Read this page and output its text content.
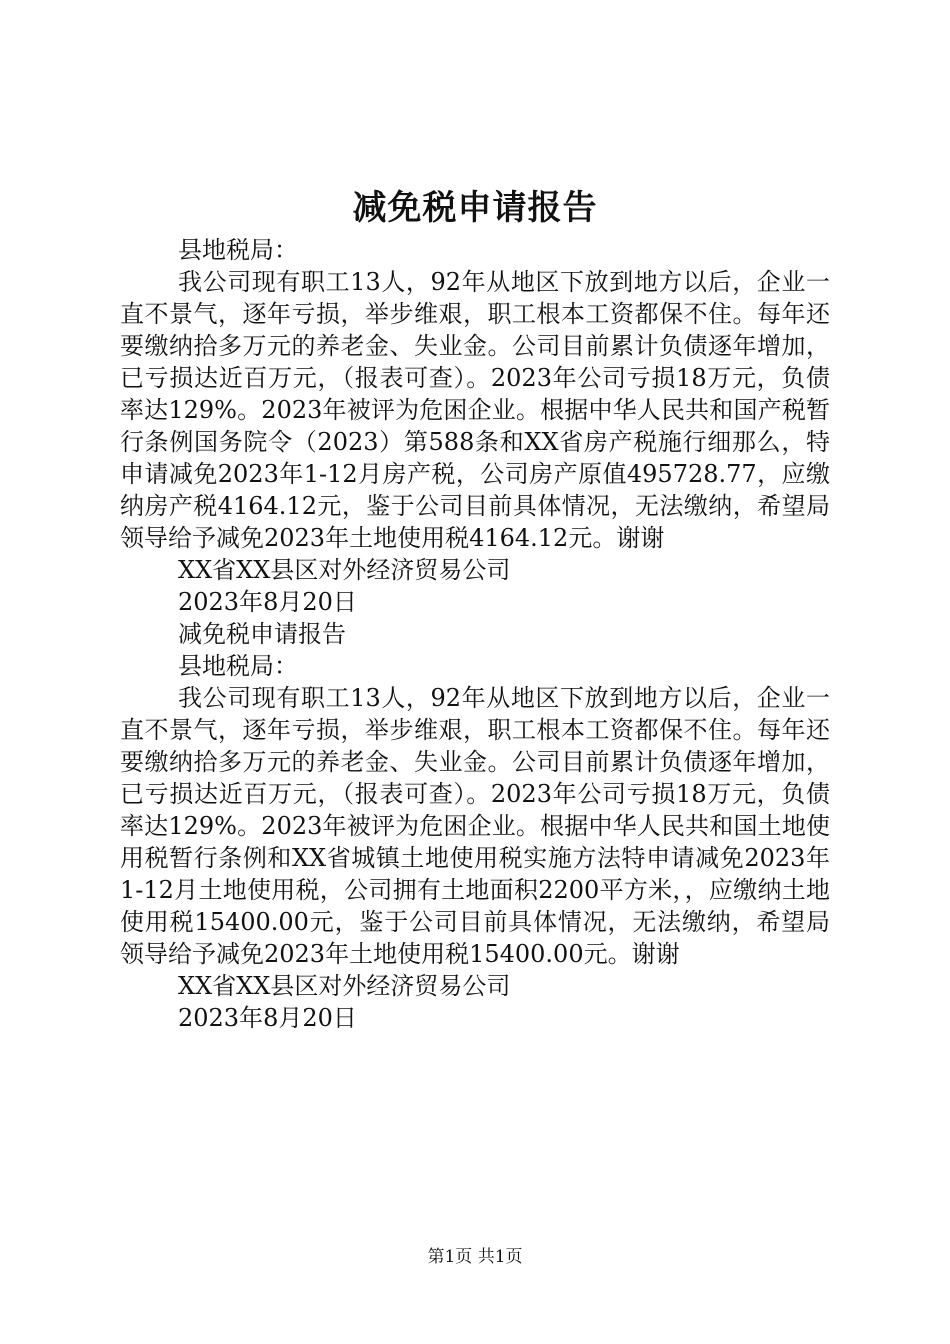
减免税申请报告
县地税局：
我公司现有职工13人，92年从地区下放到地方以后，企业一直不景气，逐年亏损，举步维艰，职工根本工资都保不住。每年还要缴纳拾多万元的养老金、失业金。公司目前累计负债逐年增加，已亏损达近百万元，（报表可查）。2023年公司亏损18万元，负债率达129%。2023年被评为危困企业。根据中华人民共和国产税暂行条例国务院令（2023）第588条和XX省房产税施行细那么，特申请减免2023年1-12月房产税，公司房产原值495728.77，应缴纳房产税4164.12元，鉴于公司目前具体情况，无法缴纳，希望局领导给予减免2023年土地使用税4164.12元。谢谢
XX省XX县区对外经济贸易公司
2023年8月20日
减免税申请报告
县地税局：
我公司现有职工13人，92年从地区下放到地方以后，企业一直不景气，逐年亏损，举步维艰，职工根本工资都保不住。每年还要缴纳拾多万元的养老金、失业金。公司目前累计负债逐年增加，已亏损达近百万元，（报表可查）。2023年公司亏损18万元，负债率达129%。2023年被评为危困企业。根据中华人民共和国土地使用税暂行条例和XX省城镇土地使用税实施方法特申请减免2023年1-12月土地使用税，公司拥有土地面积2200平方米，，应缴纳土地使用税15400.00元，鉴于公司目前具体情况，无法缴纳，希望局领导给予减免2023年土地使用税15400.00元。谢谢
XX省XX县区对外经济贸易公司
2023年8月20日
第1页 共1页
